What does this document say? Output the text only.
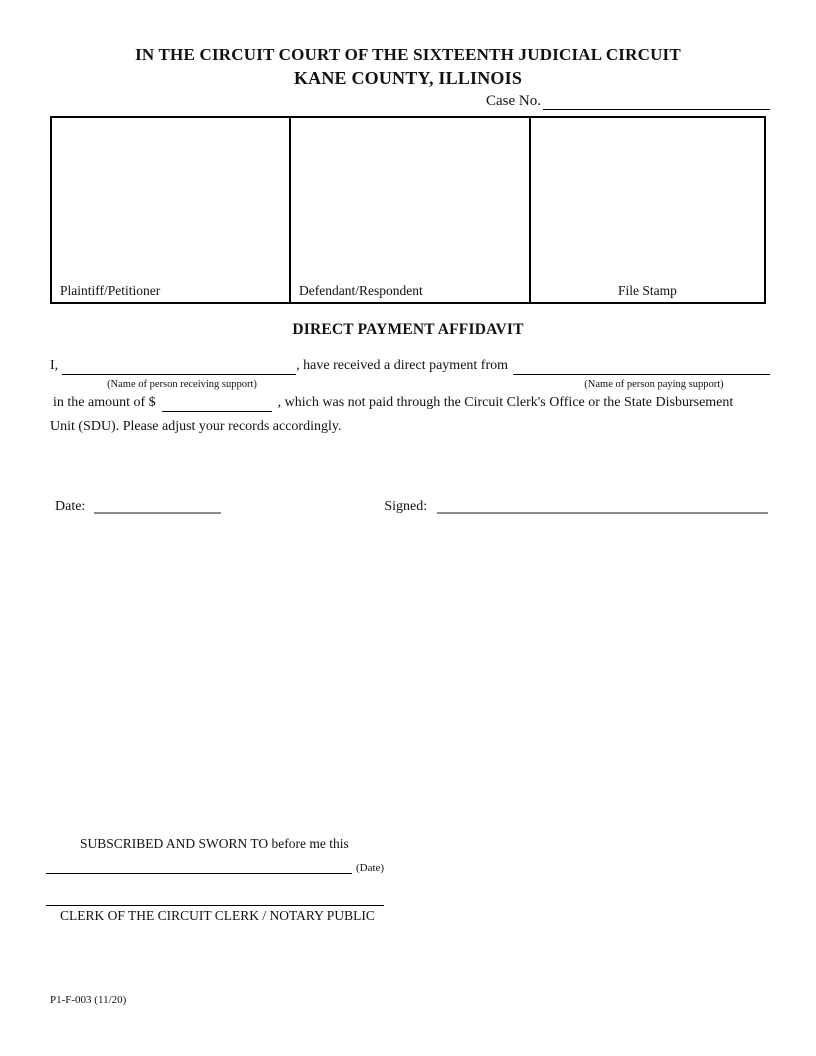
IN THE CIRCUIT COURT OF THE SIXTEENTH JUDICIAL CIRCUIT
KANE COUNTY, ILLINOIS
Case No.
Plaintiff/Petitioner	Defendant/Respondent	File Stamp
DIRECT PAYMENT AFFIDAVIT
I,	, have received a direct payment from
(Name of person receiving support)	(Name of person paying support)
in the amount of $	, which was not paid through the Circuit Clerk's Office or the State Disbursement
Unit (SDU). Please adjust your records accordingly.
Date:	Signed:
SUBSCRIBED AND SWORN TO before me this
(Date)
CLERK OF THE CIRCUIT CLERK / NOTARY PUBLIC
P1-F-003 (11/20)
